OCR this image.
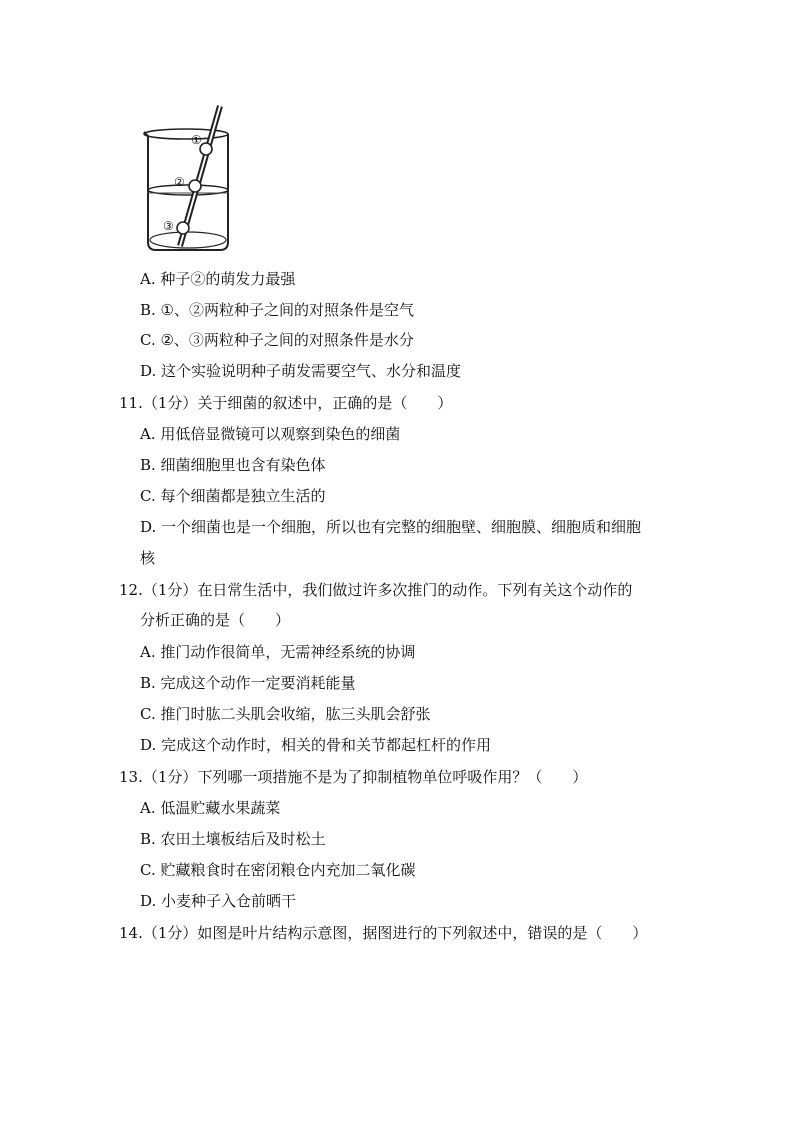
①
②
③
A. 种子②的萌发力最强
B. ①、②两粒种子之间的对照条件是空气
C. ②、③两粒种子之间的对照条件是水分
D. 这个实验说明种子萌发需要空气、水分和温度
11.（1分）关于细菌的叙述中，正确的是（　　）
A. 用低倍显微镜可以观察到染色的细菌
B. 细菌细胞里也含有染色体
C. 每个细菌都是独立生活的
D. 一个细菌也是一个细胞，所以也有完整的细胞壁、细胞膜、细胞质和细胞
核
12.（1分）在日常生活中，我们做过许多次推门的动作。下列有关这个动作的
分析正确的是（　　）
A. 推门动作很简单，无需神经系统的协调
B. 完成这个动作一定要消耗能量
C. 推门时肱二头肌会收缩，肱三头肌会舒张
D. 完成这个动作时，相关的骨和关节都起杠杆的作用
13.（1分）下列哪一项措施不是为了抑制植物单位呼吸作用？（　　）
A. 低温贮藏水果蔬菜
B. 农田土壤板结后及时松土
C. 贮藏粮食时在密闭粮仓内充加二氧化碳
D. 小麦种子入仓前晒干
14.（1分）如图是叶片结构示意图，据图进行的下列叙述中，错误的是（　　）
